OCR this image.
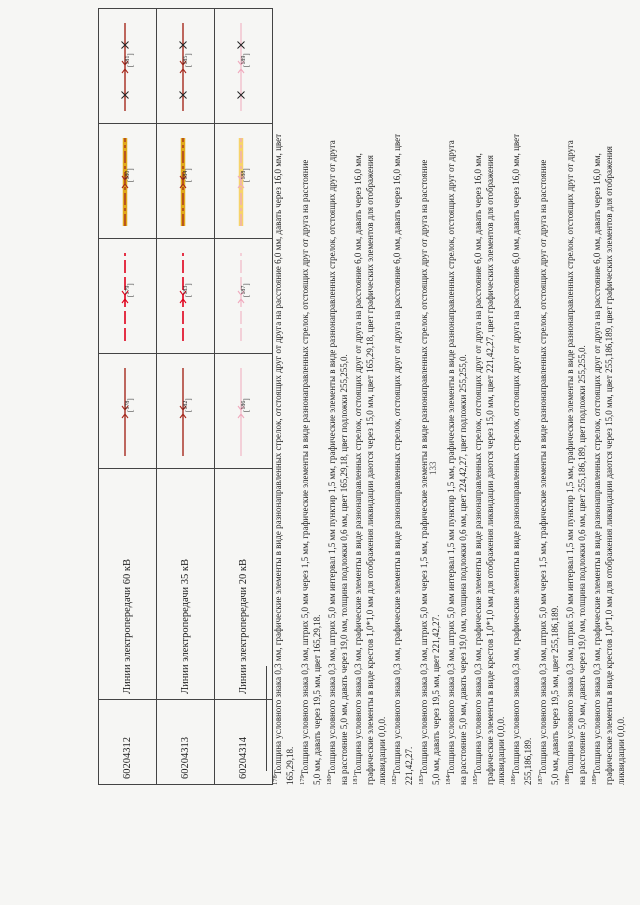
133
60204312	Линии электропередачи 60 кВ	[$^{178}$]	[$^{179}$]	[$^{180}$]	[$^{181}$]

60204313	Линии электропередачи 35 кВ	[$^{182}$]	[$^{183}$]	[$^{184}$]	[$^{185}$]

60204314	Линии электропередачи 20 кВ	[$^{186}$]	[$^{187}$]	[$^{188}$]	[$^{189}$]

$^{178}$Толщина условного знака 0,3 мм, графические элементы в виде разнонаправленных стрелок, отстоящих друг от друга на расстояние 6,0 мм, давать через 16,0 мм, цвет 165,29,18. $^{179}$Толщина условного знака 0,3 мм, штрих 5,0 мм через 1,5 мм, графические элементы в виде разнонаправленных стрелок, отстоящих друг от друга на расстояние 5,0 мм, давать через 19,5 мм, цвет 165,29,18. $^{180}$Толщина условного знака 0,3 мм, штрих 5,0 мм интервал 1,5 мм пунктир 1,5 мм, графические элементы в виде разнонаправленных стрелок, отстоящих друг от друга на расстояние 5,0 мм, давать через 19,0 мм, толщина подложки 0,6 мм, цвет 165,29,18, цвет подложки 255,255,0. $^{181}$Толщина условного знака 0,3 мм, графические элементы в виде разнонаправленных стрелок, отстоящих друг от друга на расстояние 6,0 мм, давать через 16,0 мм, графические элементы в виде крестов 1,0*1,0 мм для отображения ликвидации даются через 15,0 мм, цвет 165,29,18, цвет графических элементов для отображения ликвидации 0,0,0. $^{182}$Толщина условного знака 0,3 мм, графические элементы в виде разнонаправленных стрелок, отстоящих друг от друга на расстояние 6,0 мм, давать через 16,0 мм, цвет 221,42,27. $^{183}$Толщина условного знака 0,3 мм, штрих 5,0 мм через 1,5 мм, графические элементы в виде разнонаправленных стрелок, отстоящих друг от друга на расстояние 5,0 мм, давать через 19,5 мм, цвет 221,42,27. $^{184}$Толщина условного знака 0,3 мм, штрих 5,0 мм интервал 1,5 мм пунктир 1,5 мм, графические элементы в виде разнонаправленных стрелок, отстоящих друг от друга на расстояние 5,0 мм, давать через 19,0 мм, толщина подложки 0,6 мм, цвет 224,42,27, цвет подложки 255,255,0. $^{185}$Толщина условного знака 0,3 мм, графические элементы в виде разнонаправленных стрелок, отстоящих друг от друга на расстояние 6,0 мм, давать через 16,0 мм, графические элементы в виде крестов 1,0*1,0 мм для отображения ликвидации даются через 15,0 мм, цвет 221,42,27, цвет графических элементов для отображения ликвидации 0,0,0. $^{186}$Толщина условного знака 0,3 мм, графические элементы в виде разнонаправленных стрелок, отстоящих друг от друга на расстояние 6,0 мм, давать через 16,0 мм, цвет 255,186,189. $^{187}$Толщина условного знака 0,3 мм, штрих 5,0 мм через 1,5 мм, графические элементы в виде разнонаправленных стрелок, отстоящих друг от друга на расстояние 5,0 мм, давать через 19,5 мм, цвет 255,186,189. $^{188}$Толщина условного знака 0,3 мм, штрих 5,0 мм интервал 1,5 мм пунктир 1,5 мм, графические элементы в виде разнонаправленных стрелок, отстоящих друг от друга на расстояние 5,0 мм, давать через 19,0 мм, толщина подложки 0,6 мм, цвет 255,186,189, цвет подложки 255,255,0. $^{189}$Толщина условного знака 0,3 мм, графические элементы в виде разнонаправленных стрелок, отстоящих друг от друга на расстояние 6,0 мм, давать через 16,0 мм, графические элементы в виде крестов 1,0*1,0 мм для отображения ликвидации даются через 15,0 мм, цвет 255,186,189, цвет графических элементов для отображения ликвидации 0,0,0.
